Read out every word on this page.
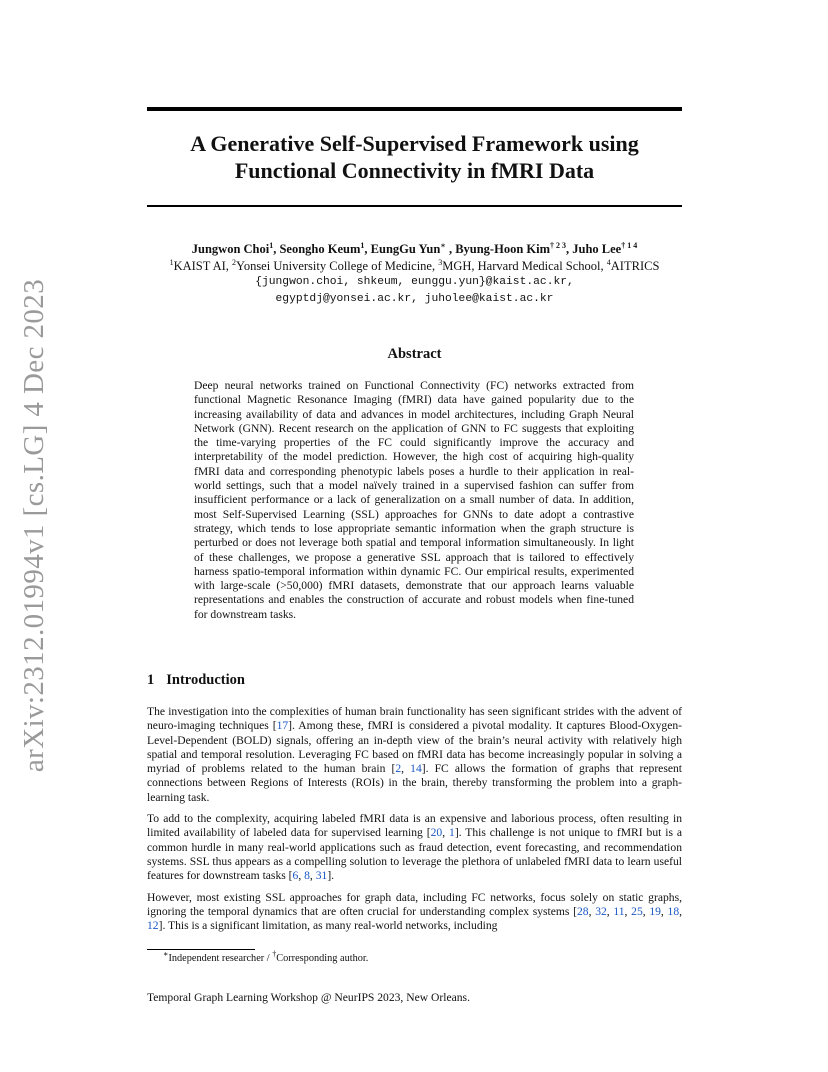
arXiv:2312.01994v1 [cs.LG] 4 Dec 2023
A Generative Self-Supervised Framework using
Functional Connectivity in fMRI Data
Jungwon Choi$^1$, Seongho Keum$^1$, EungGu Yun∗ , Byung-Hoon Kim$^{\dagger 2 3}$, Juho Lee$^{\dagger 1 4}$
$^1$KAIST AI, $^2$Yonsei University College of Medicine, $^3$MGH, Harvard Medical School, $^4$AITRICS
{jungwon.choi, shkeum, eunggu.yun}@kaist.ac.kr,
egyptdj@yonsei.ac.kr, juholee@kaist.ac.kr
Abstract

Deep neural networks trained on Functional Connectivity (FC) networks extracted from functional Magnetic Resonance Imaging (fMRI) data have gained popularity due to the increasing availability of data and advances in model architectures, including Graph Neural Network (GNN). Recent research on the application of GNN to FC suggests that exploiting the time-varying properties of the FC could significantly improve the accuracy and interpretability of the model prediction. However, the high cost of acquiring high-quality fMRI data and corresponding phenotypic labels poses a hurdle to their application in real-world settings, such that a model naïvely trained in a supervised fashion can suffer from insufficient performance or a lack of generalization on a small number of data. In addition, most Self-Supervised Learning (SSL) approaches for GNNs to date adopt a contrastive strategy, which tends to lose appropriate semantic information when the graph structure is perturbed or does not leverage both spatial and temporal information simultaneously. In light of these challenges, we propose a generative SSL approach that is tailored to effectively harness spatio-temporal information within dynamic FC. Our empirical results, experimented with large-scale (>50,000) fMRI datasets, demonstrate that our approach learns valuable representations and enables the construction of accurate and robust models when fine-tuned for downstream tasks.

1 Introduction

The investigation into the complexities of human brain functionality has seen significant strides with the advent of neuro-imaging techniques [17]. Among these, fMRI is considered a pivotal modality. It captures Blood-Oxygen-Level-Dependent (BOLD) signals, offering an in-depth view of the brain’s neural activity with relatively high spatial and temporal resolution. Leveraging FC based on fMRI data has become increasingly popular in solving a myriad of problems related to the human brain [2, 14]. FC allows the formation of graphs that represent connections between Regions of Interests (ROIs) in the brain, thereby transforming the problem into a graph-learning task.

To add to the complexity, acquiring labeled fMRI data is an expensive and laborious process, often resulting in limited availability of labeled data for supervised learning [20, 1]. This challenge is not unique to fMRI but is a common hurdle in many real-world applications such as fraud detection, event forecasting, and recommendation systems. SSL thus appears as a compelling solution to leverage the plethora of unlabeled fMRI data to learn useful features for downstream tasks [6, 8, 31].

However, most existing SSL approaches for graph data, including FC networks, focus solely on static graphs, ignoring the temporal dynamics that are often crucial for understanding complex systems [28, 32, 11, 25, 19, 18, 12]. This is a significant limitation, as many real-world networks, including

∗Independent researcher / †Corresponding author.
Temporal Graph Learning Workshop @ NeurIPS 2023, New Orleans.
